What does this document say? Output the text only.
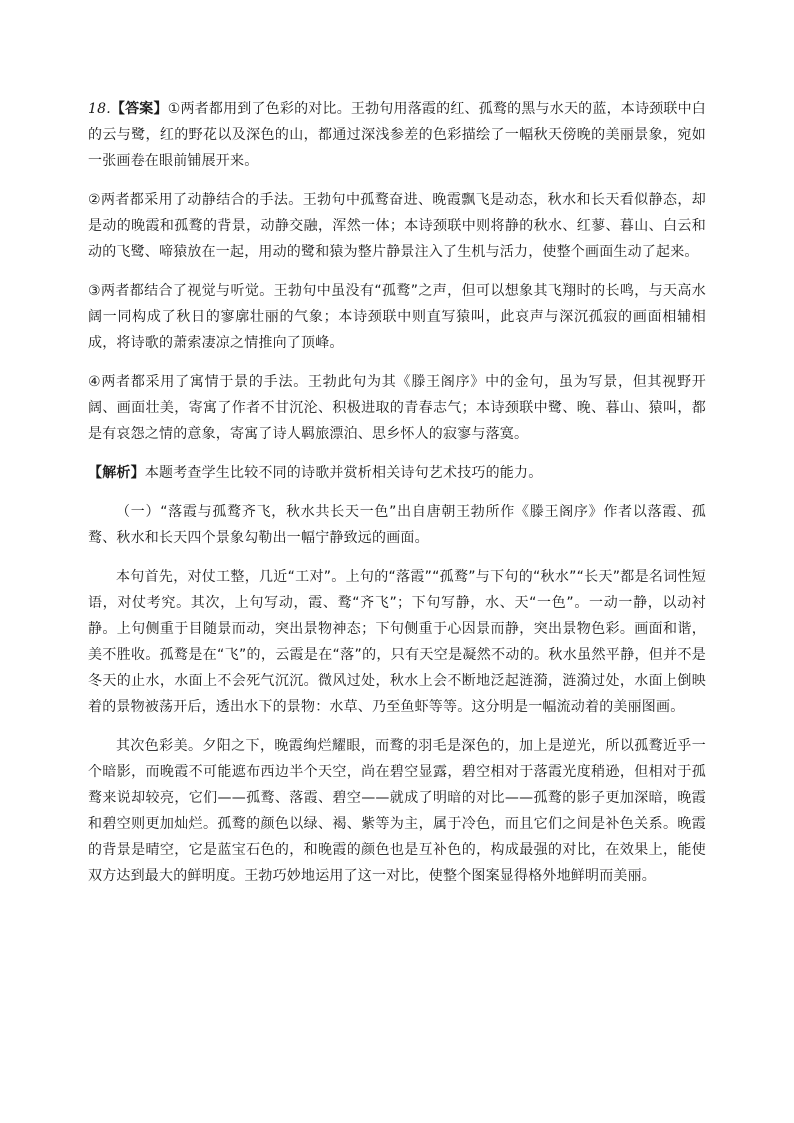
18.【答案】①两者都用到了色彩的对比。王勃句用落霞的红、孤鹜的黑与水天的蓝，本诗颈联中白的云与鹭，红的野花以及深色的山，都通过深浅参差的色彩描绘了一幅秋天傍晚的美丽景象，宛如一张画卷在眼前铺展开来。

②两者都采用了动静结合的手法。王勃句中孤鹜奋进、晚霞飘飞是动态，秋水和长天看似静态，却是动的晚霞和孤鹜的背景，动静交融，浑然一体；本诗颈联中则将静的秋水、红蓼、暮山、白云和动的飞鹭、啼猿放在一起，用动的鹭和猿为整片静景注入了生机与活力，使整个画面生动了起来。

③两者都结合了视觉与听觉。王勃句中虽没有“孤鹜”之声，但可以想象其飞翔时的长鸣，与天高水阔一同构成了秋日的寥廓壮丽的气象；本诗颈联中则直写猿叫，此哀声与深沉孤寂的画面相辅相成，将诗歌的萧索凄凉之情推向了顶峰。

④两者都采用了寓情于景的手法。王勃此句为其《滕王阁序》中的金句，虽为写景，但其视野开阔、画面壮美，寄寓了作者不甘沉沦、积极进取的青春志气；本诗颈联中鹭、晚、暮山、猿叫，都是有哀怨之情的意象，寄寓了诗人羁旅漂泊、思乡怀人的寂寥与落寞。

【解析】本题考查学生比较不同的诗歌并赏析相关诗句艺术技巧的能力。

（一）“落霞与孤鹜齐飞，秋水共长天一色”出自唐朝王勃所作《滕王阁序》作者以落霞、孤鹜、秋水和长天四个景象勾勒出一幅宁静致远的画面。

本句首先，对仗工整，几近“工对”。上句的“落霞”“孤鹜”与下句的“秋水”“长天”都是名词性短语，对仗考究。其次，上句写动，霞、鹜“齐飞”；下句写静，水、天“一色”。一动一静，以动衬静。上句侧重于目随景而动，突出景物神态；下句侧重于心因景而静，突出景物色彩。画面和谐，美不胜收。孤鹜是在“飞”的，云霞是在“落”的，只有天空是凝然不动的。秋水虽然平静，但并不是冬天的止水，水面上不会死气沉沉。微风过处，秋水上会不断地泛起涟漪，涟漪过处，水面上倒映着的景物被荡开后，透出水下的景物：水草、乃至鱼虾等等。这分明是一幅流动着的美丽图画。

其次色彩美。夕阳之下，晚霞绚烂耀眼，而鹜的羽毛是深色的，加上是逆光，所以孤鹜近乎一个暗影，而晚霞不可能遮布西边半个天空，尚在碧空显露，碧空相对于落霞光度稍逊，但相对于孤鹜来说却较亮，它们——孤鹜、落霞、碧空——就成了明暗的对比——孤鹜的影子更加深暗，晚霞和碧空则更加灿烂。孤鹜的颜色以绿、褐、紫等为主，属于冷色，而且它们之间是补色关系。晚霞的背景是晴空，它是蓝宝石色的，和晚霞的颜色也是互补色的，构成最强的对比，在效果上，能使双方达到最大的鲜明度。王勃巧妙地运用了这一对比，使整个图案显得格外地鲜明而美丽。
